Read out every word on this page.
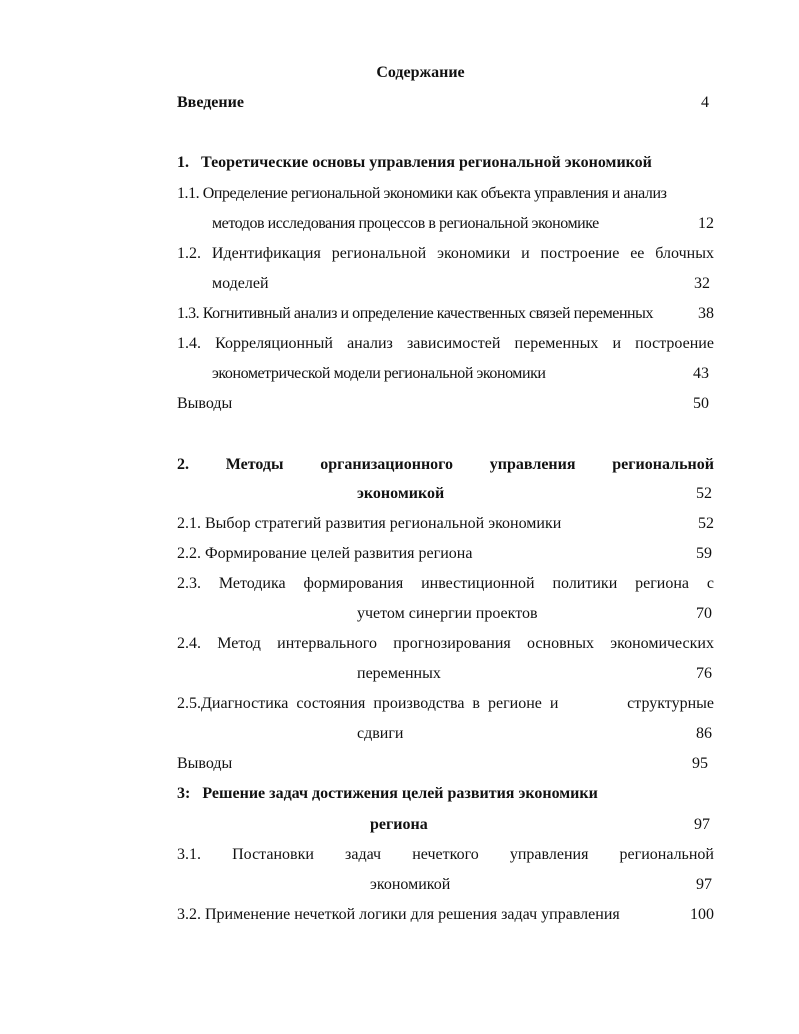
Содержание
Введение	4
1. Теоретические основы управления региональной экономикой
1.1. Определение региональной экономики как объекта управления и анализ
методов исследования процессов в региональной экономике	12
1.2. Идентификация региональной экономики и построение ее блочных
моделей	32
1.3. Когнитивный анализ и определение качественных связей переменных	38
1.4. Корреляционный анализ зависимостей переменных и построение
эконометрической модели региональной экономики	43
Выводы	50
2. Методы организационного управления региональной
экономикой	52
2.1. Выбор стратегий развития региональной экономики	52
2.2. Формирование целей развития региона	59
2.3. Методика формирования инвестиционной политики региона с
учетом синергии проектов	70
2.4. Метод интервального прогнозирования основных экономических
переменных	76
2.5.Диагностика состояния производства в регионе и	структурные
сдвиги	86
Выводы	95
3:   Решение задач достижения целей развития экономики
региона	97
3.1. Постановки задач нечеткого управления региональной
экономикой	97
3.2. Применение нечеткой логики для решения задач управления	100
